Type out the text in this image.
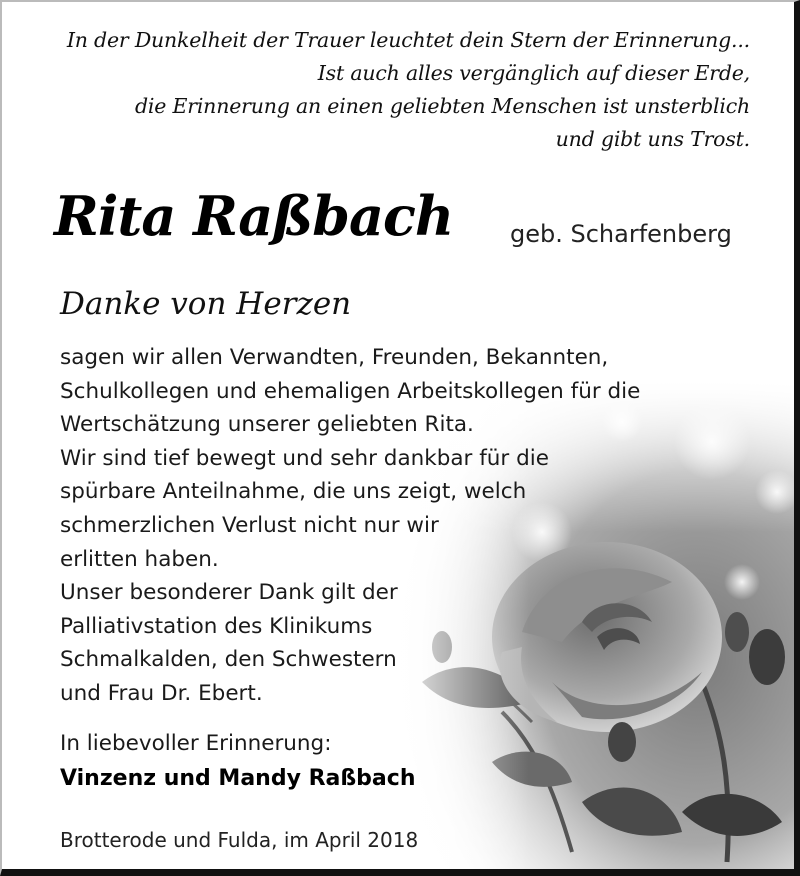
In der Dunkelheit der Trauer leuchtet dein Stern der Erinnerung...
Ist auch alles vergänglich auf dieser Erde,
die Erinnerung an einen geliebten Menschen ist unsterblich
und gibt uns Trost.
Rita Raßbach geb. Scharfenberg
Danke von Herzen
sagen wir allen Verwandten, Freunden, Bekannten,
Schulkollegen und ehemaligen Arbeitskollegen für die
Wertschätzung unserer geliebten Rita.
Wir sind tief bewegt und sehr dankbar für die
spürbare Anteilnahme, die uns zeigt, welch
schmerzlichen Verlust nicht nur wir
erlitten haben.
Unser besonderer Dank gilt der
Palliativstation des Klinikums
Schmalkalden, den Schwestern
und Frau Dr. Ebert.
In liebevoller Erinnerung:
Vinzenz und Mandy Raßbach
Brotterode und Fulda, im April 2018
